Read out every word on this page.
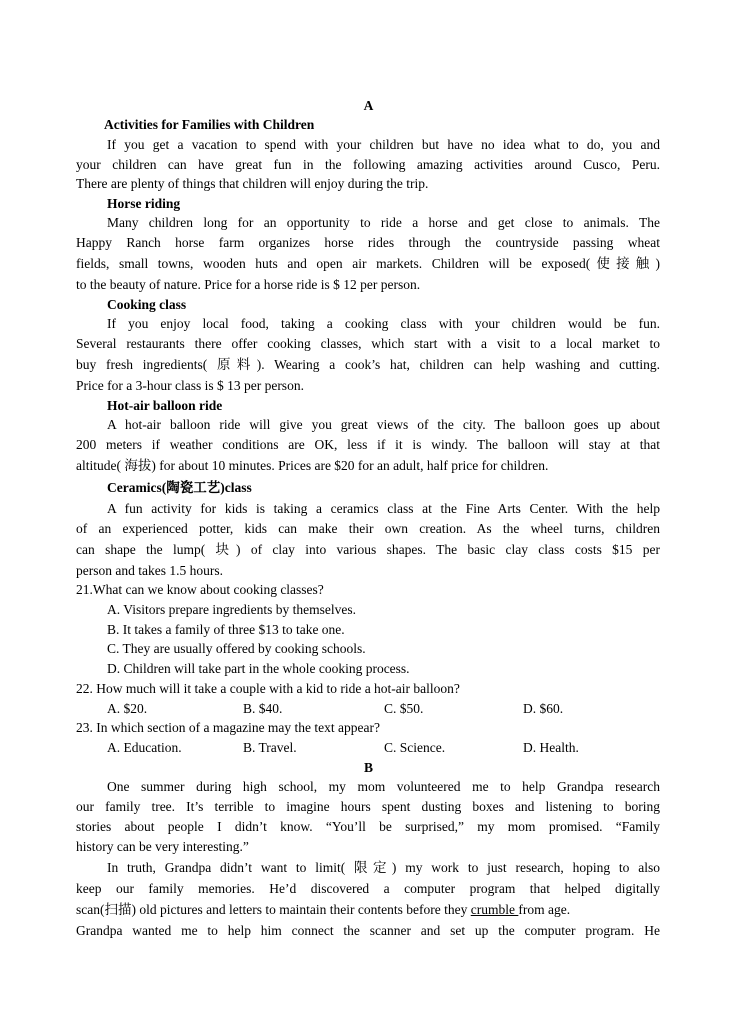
A
Activities for Families with Children
If you get a vacation to spend with your children but have no idea what to do, you and
your children can have great fun in the following amazing activities around Cusco, Peru.
There are plenty of things that children will enjoy during the trip.
Horse riding
Many children long for an opportunity to ride a horse and get close to animals. The
Happy Ranch horse farm organizes horse rides through the countryside passing wheat
fields, small towns, wooden huts and open air markets. Children will be exposed(使接触)
to the beauty of nature. Price for a horse ride is $ 12 per person.
Cooking class
If you enjoy local food, taking a cooking class with your children would be fun.
Several restaurants there offer cooking classes, which start with a visit to a local market to
buy fresh ingredients( 原料). Wearing a cook’s hat, children can help washing and cutting.
Price for a 3-hour class is $ 13 per person.
Hot-air balloon ride
A hot-air balloon ride will give you great views of the city. The balloon goes up about
200 meters if weather conditions are OK, less if it is windy. The balloon will stay at that
altitude( 海拔) for about 10 minutes. Prices are $20 for an adult, half price for children.
Ceramics(陶瓷工艺)class
A fun activity for kids is taking a ceramics class at the Fine Arts Center. With the help
of an experienced potter, kids can make their own creation. As the wheel turns, children
can shape the lump( 块) of clay into various shapes. The basic clay class costs $15 per
person and takes 1.5 hours.
21.What can we know about cooking classes?
A. Visitors prepare ingredients by themselves.
B. It takes a family of three $13 to take one.
C. They are usually offered by cooking schools.
D. Children will take part in the whole cooking process.
22. How much will it take a couple with a kid to ride a hot-air balloon?
A. $20.	B. $40.	C. $50.	D. $60.
23. In which section of a magazine may the text appear?
A. Education.	B. Travel.	C. Science.	D. Health.
B
One summer during high school, my mom volunteered me to help Grandpa research
our family tree. It’s terrible to imagine hours spent dusting boxes and listening to boring
stories about people I didn’t know. “You’ll be surprised,” my mom promised. “Family
history can be very interesting.”
In truth, Grandpa didn’t want to limit( 限定) my work to just research, hoping to also
keep our family memories. He’d discovered a computer program that helped digitally
scan(扫描) old pictures and letters to maintain their contents before they crumble from age.
Grandpa wanted me to help him connect the scanner and set up the computer program. He
